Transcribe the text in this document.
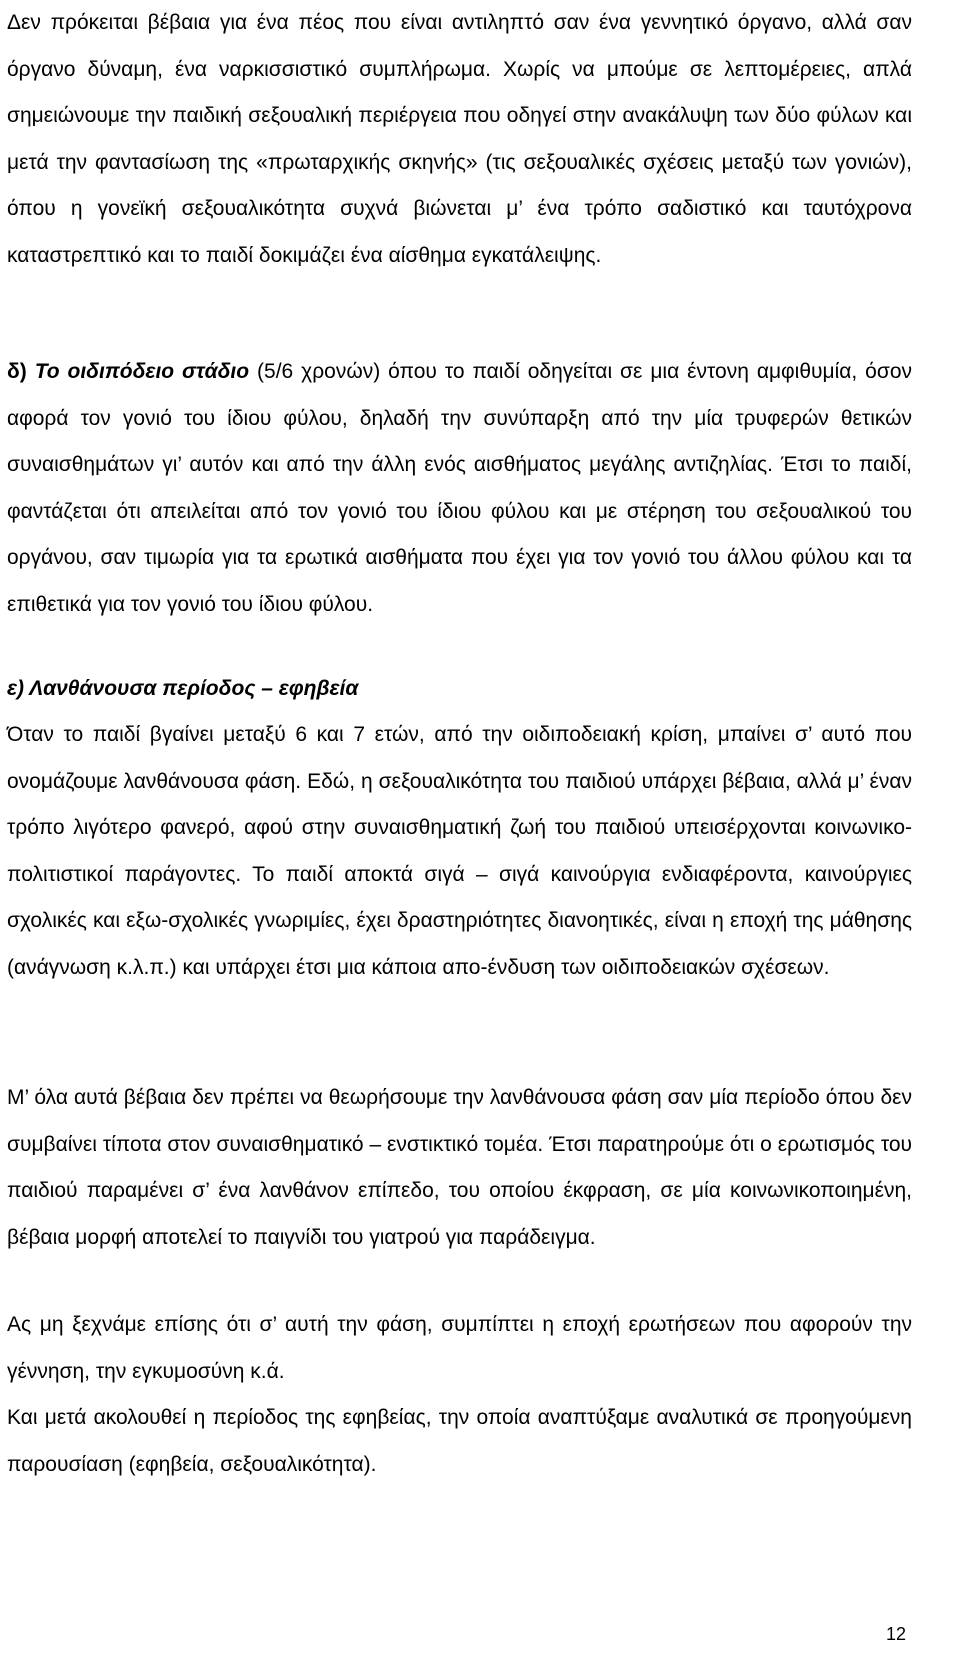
Δεν πρόκειται βέβαια για ένα πέος που είναι αντιληπτό σαν ένα γεννητικό όργανο, αλλά σαν όργανο δύναμη, ένα ναρκισσιστικό συμπλήρωμα. Χωρίς να μπούμε σε λεπτομέρειες, απλά σημειώνουμε την παιδική σεξουαλική περιέργεια που οδηγεί στην ανακάλυψη των δύο φύλων και μετά την φαντασίωση της «πρωταρχικής σκηνής» (τις σεξουαλικές σχέσεις μεταξύ των γονιών), όπου η γονεϊκή σεξουαλικότητα συχνά βιώνεται μ’ ένα τρόπο σαδιστικό και ταυτόχρονα καταστρεπτικό και το παιδί δοκιμάζει ένα αίσθημα εγκατάλειψης.

δ) Το οιδιπόδειο στάδιο (5/6 χρονών) όπου το παιδί οδηγείται σε μια έντονη αμφιθυμία, όσον αφορά τον γονιό του ίδιου φύλου, δηλαδή την συνύπαρξη από την μία τρυφερών θετικών συναισθημάτων γι’ αυτόν και από την άλλη ενός αισθήματος μεγάλης αντιζηλίας. Έτσι το παιδί, φαντάζεται ότι απειλείται από τον γονιό του ίδιου φύλου και με στέρηση του σεξουαλικού του οργάνου, σαν τιμωρία για τα ερωτικά αισθήματα που έχει για τον γονιό του άλλου φύλου και τα επιθετικά για τον γονιό του ίδιου φύλου.

ε) Λανθάνουσα περίοδος – εφηβεία

Όταν το παιδί βγαίνει μεταξύ 6 και 7 ετών, από την οιδιποδειακή κρίση, μπαίνει σ’ αυτό που ονομάζουμε λανθάνουσα φάση. Εδώ, η σεξουαλικότητα του παιδιού υπάρχει βέβαια, αλλά μ’ έναν τρόπο λιγότερο φανερό, αφού στην συναισθηματική ζωή του παιδιού υπεισέρχονται κοινωνικο-πολιτιστικοί παράγοντες. Το παιδί αποκτά σιγά – σιγά καινούργια ενδιαφέροντα, καινούργιες σχολικές και εξω-σχολικές γνωριμίες, έχει δραστηριότητες διανοητικές, είναι η εποχή της μάθησης (ανάγνωση κ.λ.π.) και υπάρχει έτσι μια κάποια απο-ένδυση των οιδιποδειακών σχέσεων.

Μ’ όλα αυτά βέβαια δεν πρέπει να θεωρήσουμε την λανθάνουσα φάση σαν μία περίοδο όπου δεν συμβαίνει τίποτα στον συναισθηματικό – ενστικτικό τομέα. Έτσι παρατηρούμε ότι ο ερωτισμός του παιδιού παραμένει σ’ ένα λανθάνον επίπεδο, του οποίου έκφραση, σε μία κοινωνικοποιημένη, βέβαια μορφή αποτελεί το παιγνίδι του γιατρού για παράδειγμα.

Ας μη ξεχνάμε επίσης ότι σ’ αυτή την φάση, συμπίπτει η εποχή ερωτήσεων που αφορούν την γέννηση, την εγκυμοσύνη κ.ά.

Και μετά ακολουθεί η περίοδος της εφηβείας, την οποία αναπτύξαμε αναλυτικά σε προηγούμενη παρουσίαση (εφηβεία, σεξουαλικότητα).

12
